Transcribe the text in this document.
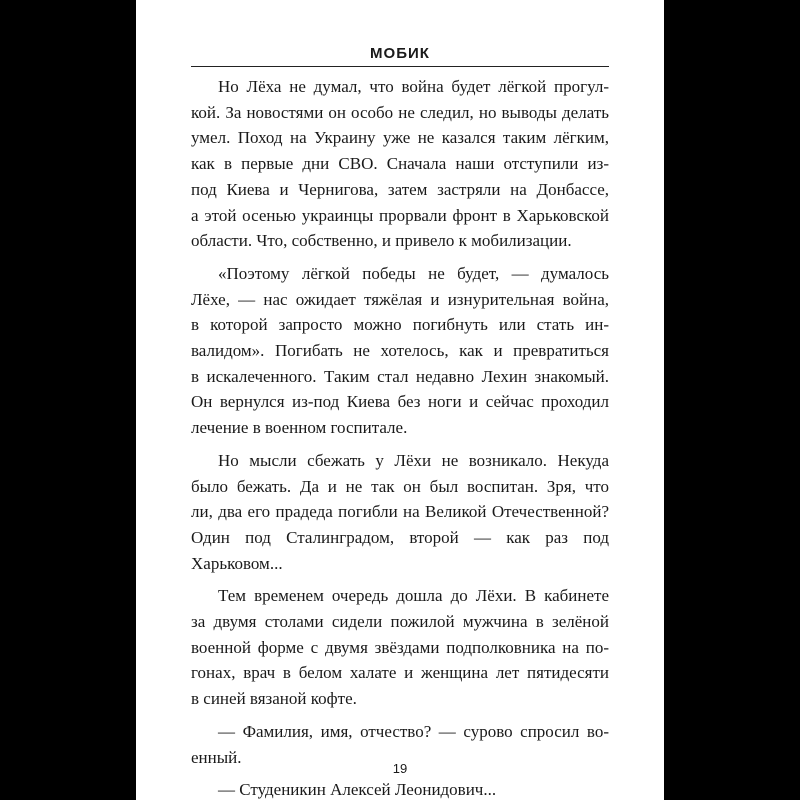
МОБИК

Но Лёха не думал, что война будет лёгкой прогул-
кой. За новостями он особо не следил, но выводы делать
умел. Поход на Украину уже не казался таким лёгким,
как в первые дни СВО. Сначала наши отступили из-
под Киева и Чернигова, затем застряли на Донбассе,
а этой осенью украинцы прорвали фронт в Харьковской
области. Что, собственно, и привело к мобилизации.

«Поэтому лёгкой победы не будет, — думалось
Лёхе, — нас ожидает тяжёлая и изнурительная война,
в которой запросто можно погибнуть или стать ин-
валидом». Погибать не хотелось, как и превратиться
в искалеченного. Таким стал недавно Лехин знакомый.
Он вернулся из-под Киева без ноги и сейчас проходил
лечение в военном госпитале.

Но мысли сбежать у Лёхи не возникало. Некуда
было бежать. Да и не так он был воспитан. Зря, что
ли, два его прадеда погибли на Великой Отечественной?
Один под Сталинградом, второй — как раз под
Харьковом...

Тем временем очередь дошла до Лёхи. В кабинете
за двумя столами сидели пожилой мужчина в зелёной
военной форме с двумя звёздами подполковника на по-
гонах, врач в белом халате и женщина лет пятидесяти
в синей вязаной кофте.

— Фамилия, имя, отчество? — сурово спросил во-
енный.

— Студеникин Алексей Леонидович...

19
